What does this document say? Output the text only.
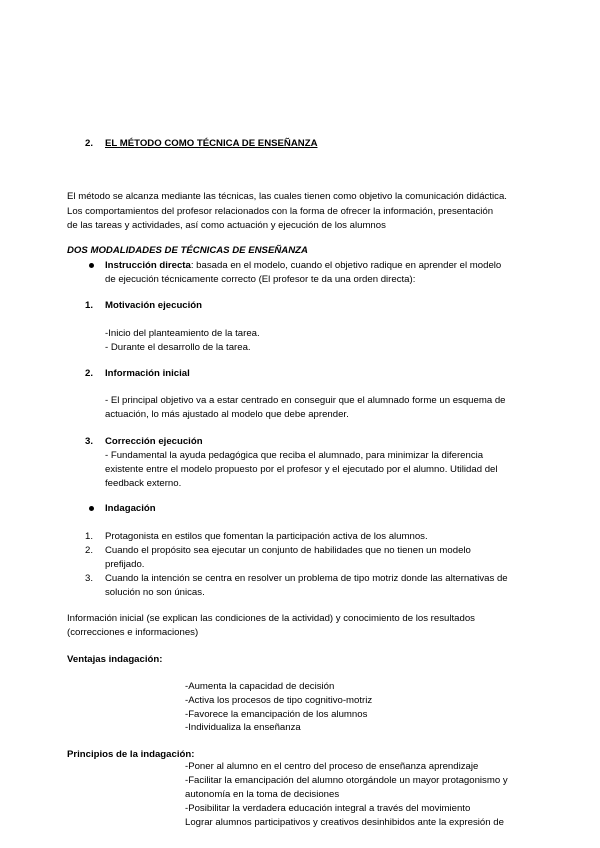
2. EL MÉTODO COMO TÉCNICA DE ENSEÑANZA
El método se alcanza mediante las técnicas, las cuales tienen como objetivo la comunicación didáctica.
Los comportamientos del profesor relacionados con la forma de ofrecer la información, presentación
de las tareas y actividades, así como actuación y ejecución de los alumnos
DOS MODALIDADES DE TÉCNICAS DE ENSEÑANZA
Instrucción directa: basada en el modelo, cuando el objetivo radique en aprender el modelo
de ejecución técnicamente correcto (El profesor te da una orden directa):
1. Motivación ejecución
-Inicio del planteamiento de la tarea.
- Durante el desarrollo de la tarea.
2. Información inicial
- El principal objetivo va a estar centrado en conseguir que el alumnado forme un esquema de
actuación, lo más ajustado al modelo que debe aprender.
3. Corrección ejecución
- Fundamental la ayuda pedagógica que reciba el alumnado, para minimizar la diferencia
existente entre el modelo propuesto por el profesor y el ejecutado por el alumno. Utilidad del
feedback externo.
Indagación
1. Protagonista en estilos que fomentan la participación activa de los alumnos.
2. Cuando el propósito sea ejecutar un conjunto de habilidades que no tienen un modelo
prefijado.
3. Cuando la intención se centra en resolver un problema de tipo motriz donde las alternativas de
solución no son únicas.
Información inicial (se explican las condiciones de la actividad) y conocimiento de los resultados
(correcciones e informaciones)
Ventajas indagación:
-Aumenta la capacidad de decisión
-Activa los procesos de tipo cognitivo-motriz
-Favorece la emancipación de los alumnos
-Individualiza la enseñanza
Principios de la indagación:
-Poner al alumno en el centro del proceso de enseñanza aprendizaje
-Facilitar la emancipación del alumno otorgándole un mayor protagonismo y
autonomía en la toma de decisiones
-Posibilitar la verdadera educación integral a través del movimiento
Lograr alumnos participativos y creativos desinhibidos ante la expresión de
